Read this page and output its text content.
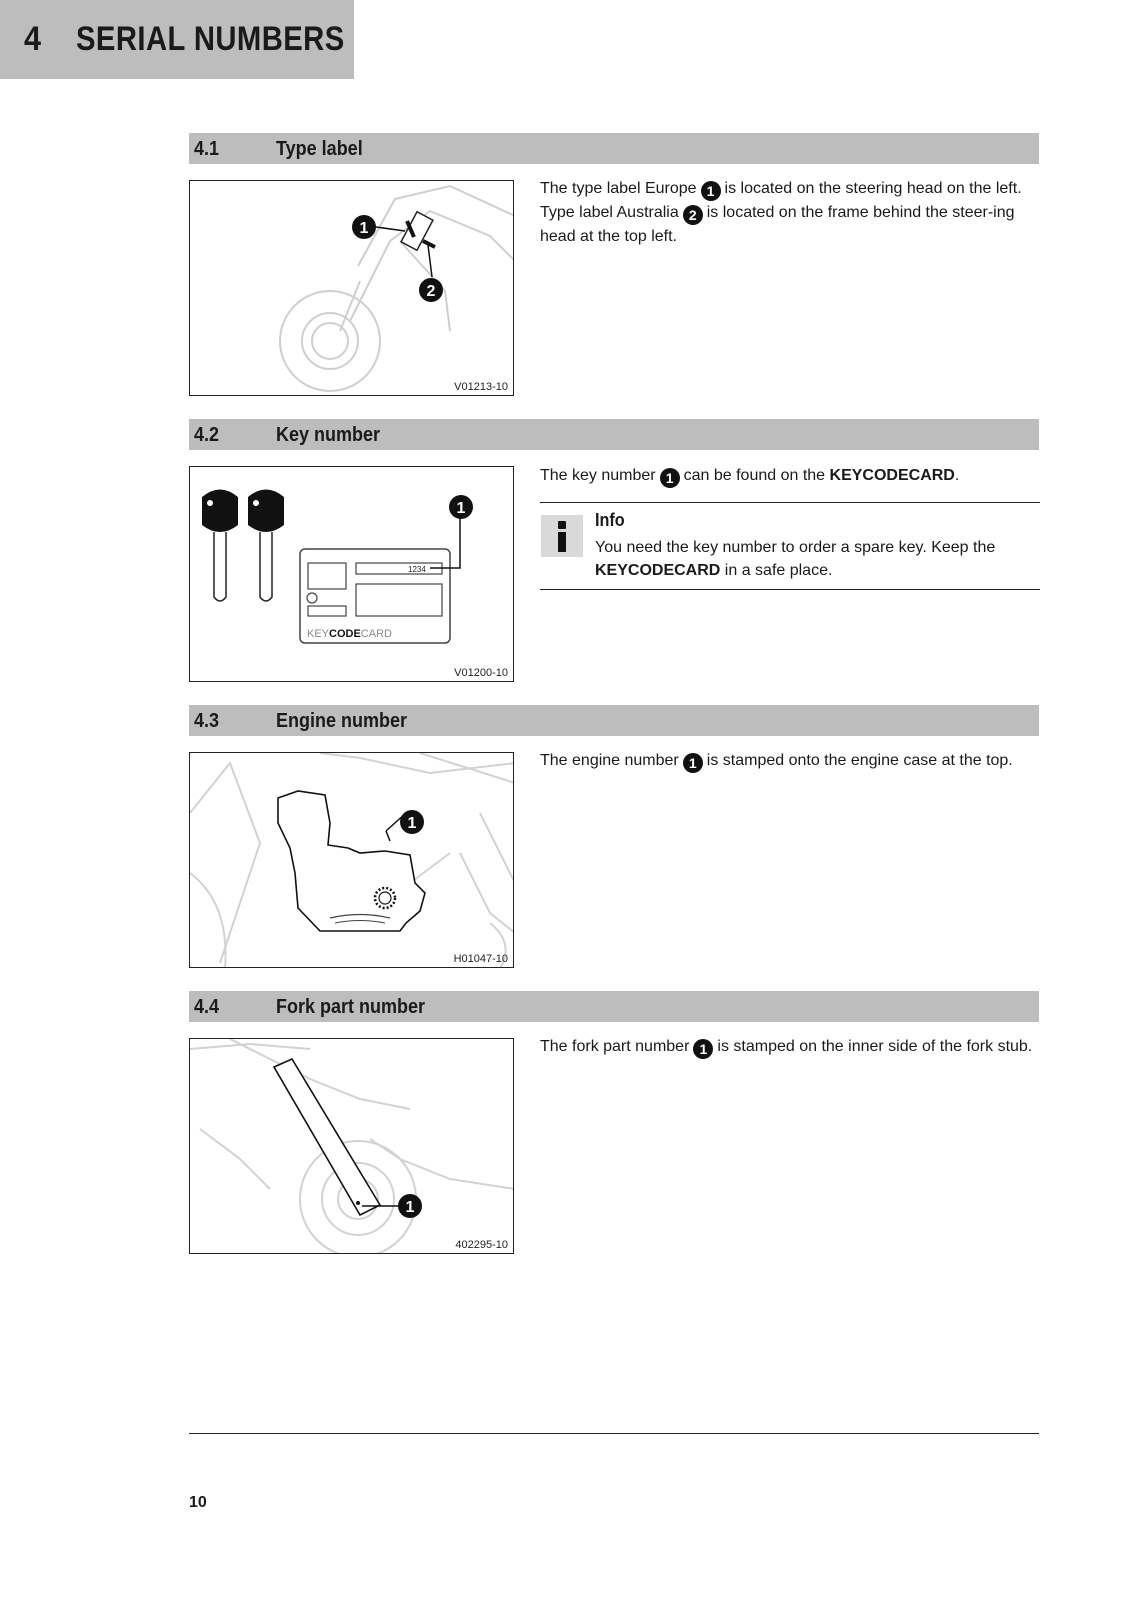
4 SERIAL NUMBERS
4.1	Type label
1
2
V01213-10

The type label Europe 1 is located on the steering head on the left.

Type label Australia 2 is located on the frame behind the steer-ing head at the top left.

4.2	Key number
1234
KEYCODECARD
1
V01200-10

The key number 1 can be found on the KEYCODECARD.

Info
You need the key number to order a spare key. Keep the KEYCODECARD in a safe place.
4.3	Engine number
1
H01047-10

The engine number 1 is stamped onto the engine case at the top.

4.4	Fork part number
1
402295-10

The fork part number 1 is stamped on the inner side of the fork stub.

10
